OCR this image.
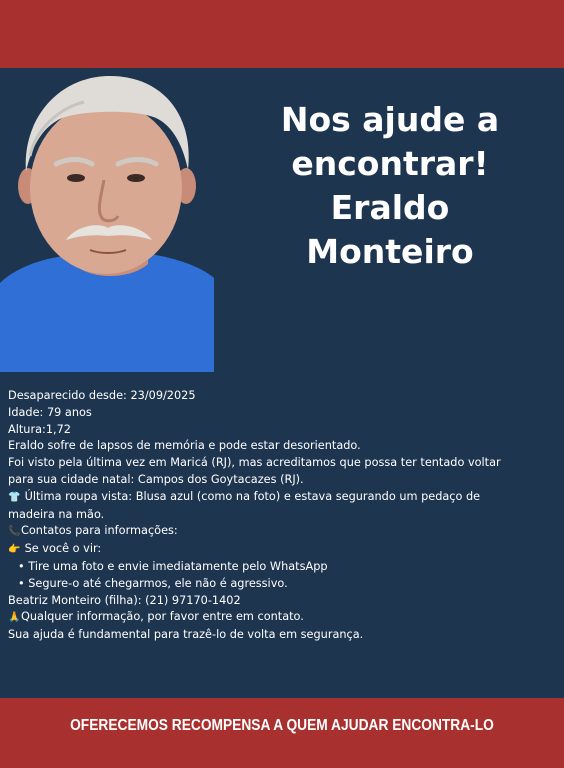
Nos ajude a
encontrar!
Eraldo
Monteiro
Desaparecido desde: 23/09/2025
Idade: 79 anos
Altura:1,72
Eraldo sofre de lapsos de memória e pode estar desorientado.
Foi visto pela última vez em Maricá (RJ), mas acreditamos que possa ter tentado voltar
para sua cidade natal: Campos dos Goytacazes (RJ).
👕 Última roupa vista: Blusa azul (como na foto) e estava segurando um pedaço de
madeira na mão.
📞Contatos para informações:
👉 Se você o vir:
• Tire uma foto e envie imediatamente pelo WhatsApp
• Segure-o até chegarmos, ele não é agressivo.
Beatriz Monteiro (filha): (21) 97170-1402
🙏Qualquer informação, por favor entre em contato.
Sua ajuda é fundamental para trazê-lo de volta em segurança.
OFERECEMOS RECOMPENSA A QUEM AJUDAR ENCONTRA-LO
